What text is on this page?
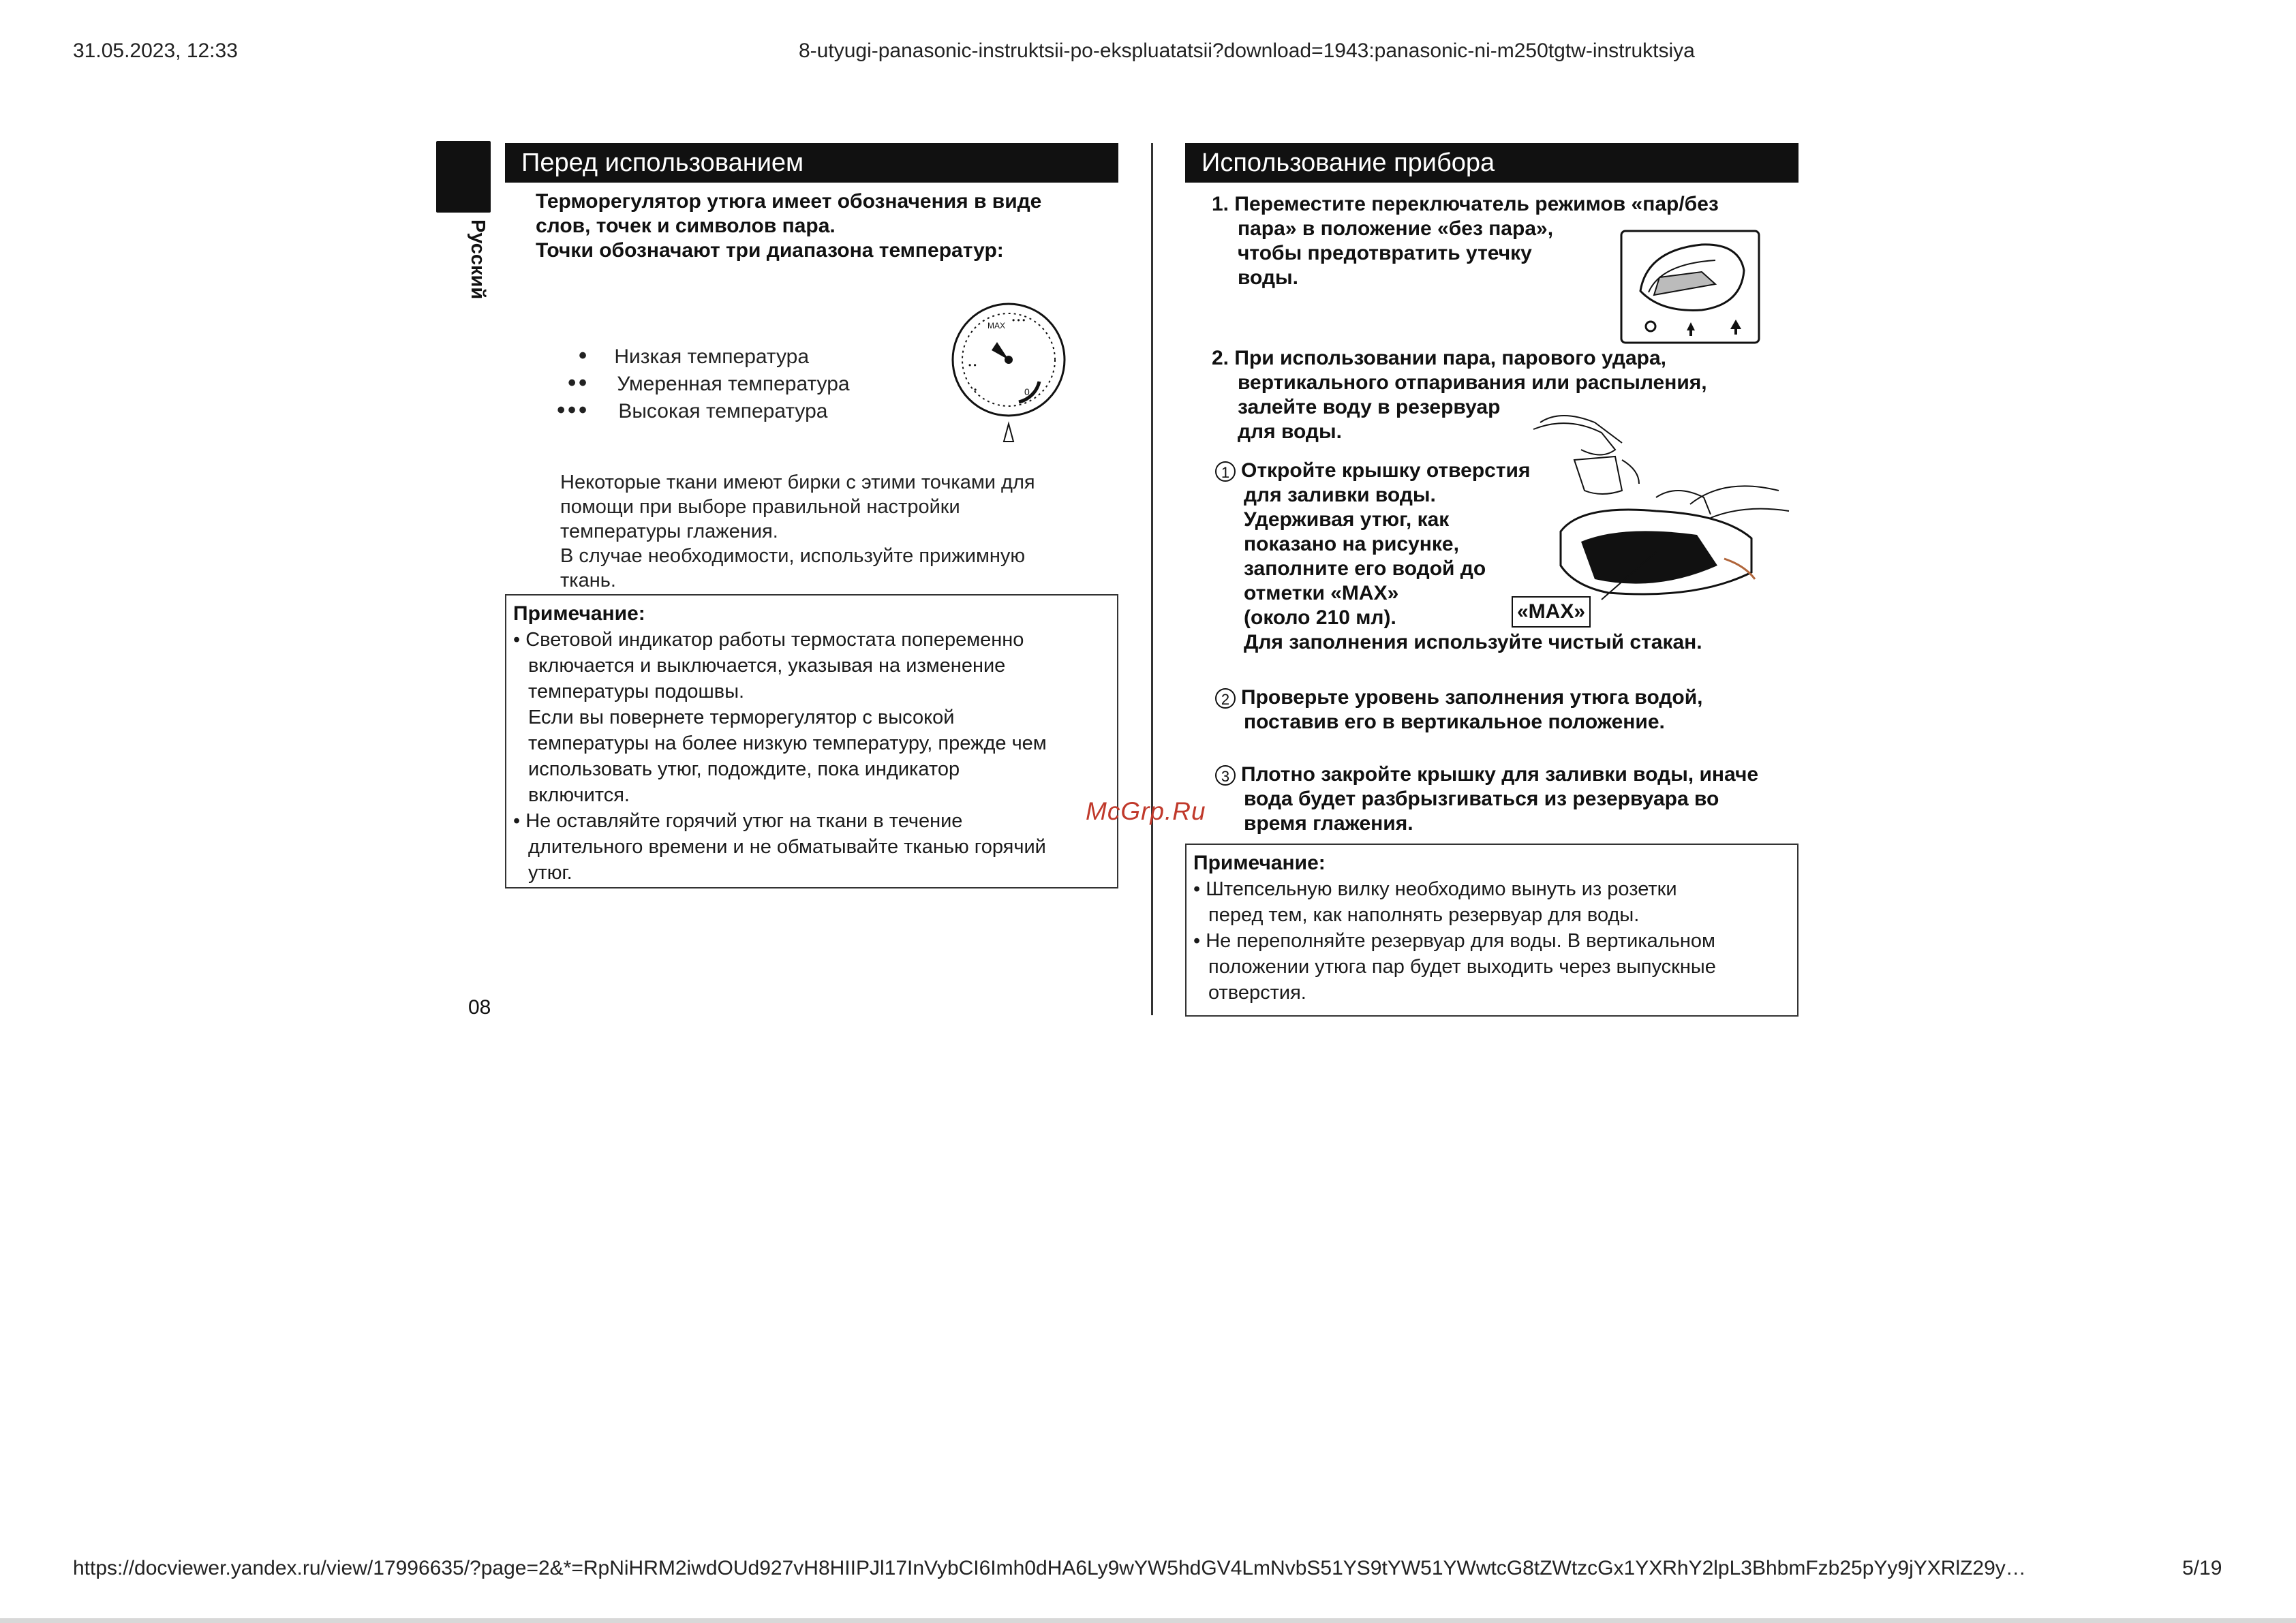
31.05.2023, 12:33	8-utyugi-panasonic-instruktsii-po-ekspluatatsii?download=1943:panasonic-ni-m250tgtw-instruktsiya
Русский
Перед использованием
Терморегулятор утюга имеет обозначения в виде
слов, точек и символов пара.
Точки обозначают три диапазона температур:
• Низкая температура
•• Умеренная температура
••• Высокая температура
MAX
• • •
• •
•	0
Некоторые ткани имеют бирки с этими точками для
помощи при выборе правильной настройки
температуры глажения.
В случае необходимости, используйте прижимную
ткань.
Примечание:
• Световой индикатор работы термостата попеременно
включается и выключается, указывая на изменение
температуры подошвы.
Если вы повернете терморегулятор с высокой
температуры на более низкую температуру, прежде чем
использовать утюг, подождите, пока индикатор
включится.
• Не оставляйте горячий утюг на ткани в течение
длительного времени и не обматывайте тканью горячий
утюг.
08
McGrp.Ru
Использование прибора
1. Переместите переключатель режимов «пар/без
пара» в положение «без пара»,
чтобы предотвратить утечку
воды.
2. При использовании пара, парового удара,
вертикального отпаривания или распыления,
залейте воду в резервуар
для воды.
1 Откройте крышку отверстия
для заливки воды.
Удерживая утюг, как
показано на рисунке,
заполните его водой до
отметки «MAX»
(около 210 мл).
Для заполнения используйте чистый стакан.
«MAX»
2 Проверьте уровень заполнения утюга водой,
поставив его в вертикальное положение.
3 Плотно закройте крышку для заливки воды, иначе
вода будет разбрызгиваться из резервуара во
время глажения.
Примечание:
• Штепсельную вилку необходимо вынуть из розетки
перед тем, как наполнять резервуар для воды.
• Не переполняйте резервуар для воды. В вертикальном
положении утюга пар будет выходить через выпускные
отверстия.
https://docviewer.yandex.ru/view/17996635/?page=2&*=RpNiHRM2iwdOUd927vH8HIIPJl17InVybCI6Imh0dHA6Ly9wYW5hdGV4LmNvbS51YS9tYW51YWwtcG8tZWtzcGx1YXRhY2lpL3BhbmFzb25pYy9jYXRlZ29y…	5/19
